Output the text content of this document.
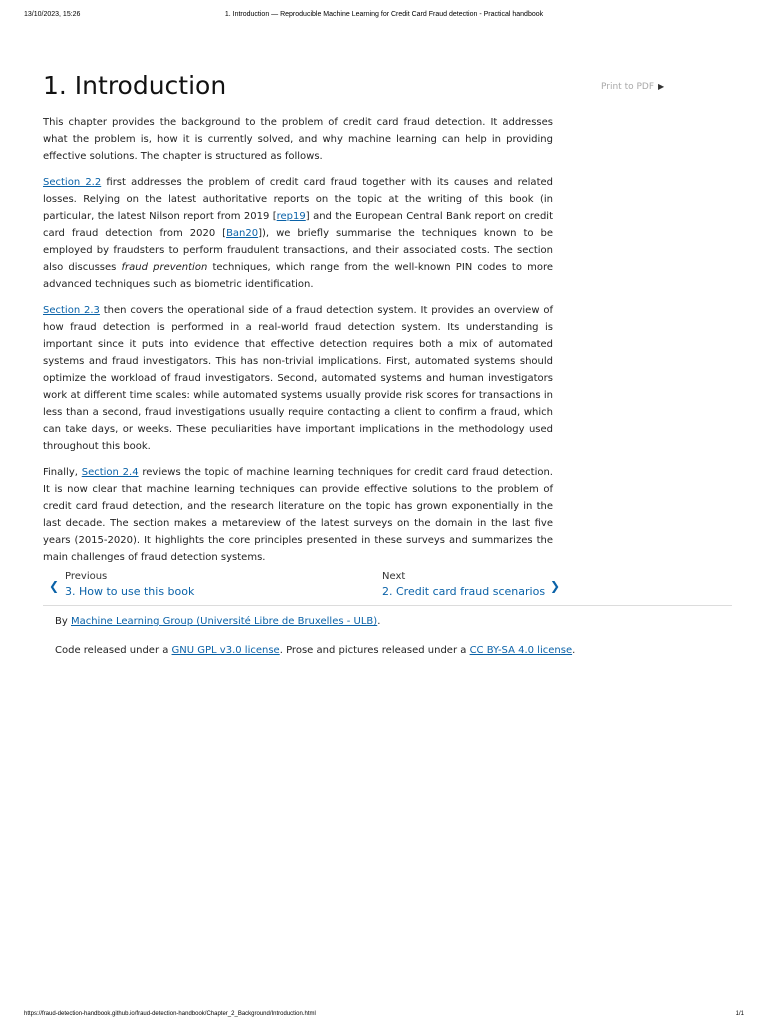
13/10/2023, 15:26	1. Introduction — Reproducible Machine Learning for Credit Card Fraud detection - Practical handbook
Print to PDF ▶
1. Introduction

This chapter provides the background to the problem of credit card fraud detection. It addresses what the problem is, how it is currently solved, and why machine learning can help in providing effective solutions. The chapter is structured as follows.

Section 2.2 first addresses the problem of credit card fraud together with its causes and related losses. Relying on the latest authoritative reports on the topic at the writing of this book (in particular, the latest Nilson report from 2019 [rep19] and the European Central Bank report on credit card fraud detection from 2020 [Ban20]), we briefly summarise the techniques known to be employed by fraudsters to perform fraudulent transactions, and their associated costs. The section also discusses fraud prevention techniques, which range from the well-known PIN codes to more advanced techniques such as biometric identification.

Section 2.3 then covers the operational side of a fraud detection system. It provides an overview of how fraud detection is performed in a real-world fraud detection system. Its understanding is important since it puts into evidence that effective detection requires both a mix of automated systems and fraud investigators. This has non-trivial implications. First, automated systems should optimize the workload of fraud investigators. Second, automated systems and human investigators work at different time scales: while automated systems usually provide risk scores for transactions in less than a second, fraud investigations usually require contacting a client to confirm a fraud, which can take days, or weeks. These peculiarities have important implications in the methodology used throughout this book.

Finally, Section 2.4 reviews the topic of machine learning techniques for credit card fraud detection. It is now clear that machine learning techniques can provide effective solutions to the problem of credit card fraud detection, and the research literature on the topic has grown exponentially in the last decade. The section makes a metareview of the latest surveys on the domain in the last five years (2015-2020). It highlights the core principles presented in these surveys and summarizes the main challenges of fraud detection systems.

❮
Previous
3. How to use this book
Next
2. Credit card fraud scenarios ❯

By Machine Learning Group (Université Libre de Bruxelles - ULB).

Code released under a GNU GPL v3.0 license. Prose and pictures released under a CC BY-SA 4.0 license.

https://fraud-detection-handbook.github.io/fraud-detection-handbook/Chapter_2_Background/Introduction.html	1/1
